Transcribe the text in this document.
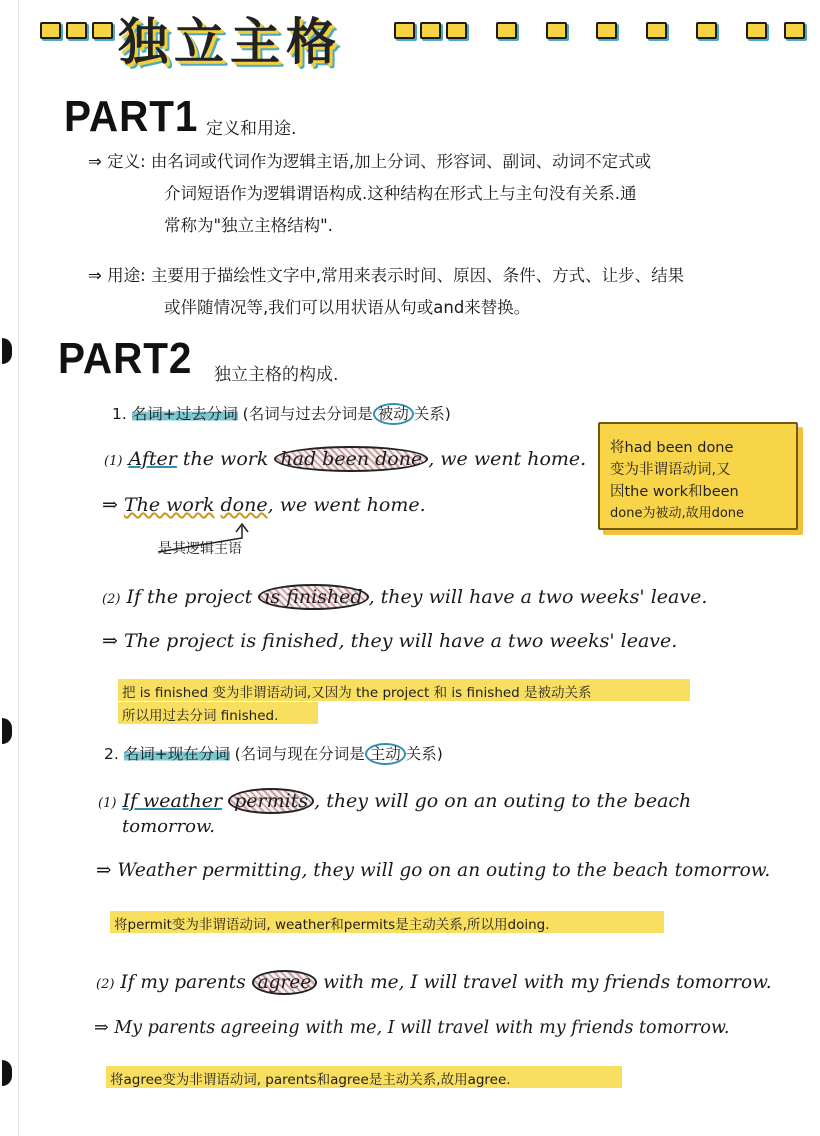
独立主格
PART1 定义和用途.
⇒ 定义: 由名词或代词作为逻辑主语,加上分词、形容词、副词、动词不定式或
介词短语作为逻辑谓语构成.这种结构在形式上与主句没有关系.通
常称为"独立主格结构".
⇒ 用途: 主要用于描绘性文字中,常用来表示时间、原因、条件、方式、让步、结果
或伴随情况等,我们可以用状语从句或and来替换。
PART2 独立主格的构成.
1. 名词+过去分词 (名词与过去分词是 被动 关系)
(1) After the work had been done , we went home.
⇒ The work done, we went home.
是其逻辑主语
将had been done
变为非谓语动词,又
因the work和been
done为被动,故用done
(2) If the project is finished , they will have a two weeks' leave.
⇒ The project is finished, they will have a two weeks' leave.
把 is finished 变为非谓语动词,又因为 the project 和 is finished 是被动关系
所以用过去分词 finished.
2. 名词+现在分词 (名词与现在分词是 主动 关系)
(1) If weather permits , they will go on an outing to the beach
tomorrow.
⇒ Weather permitting, they will go on an outing to the beach tomorrow.
将permit变为非谓语动词, weather和permits是主动关系,所以用doing.
(2) If my parents agree with me, I will travel with my friends tomorrow.
⇒ My parents agreeing with me, I will travel with my friends tomorrow.
将agree变为非谓语动词, parents和agree是主动关系,故用agree.
